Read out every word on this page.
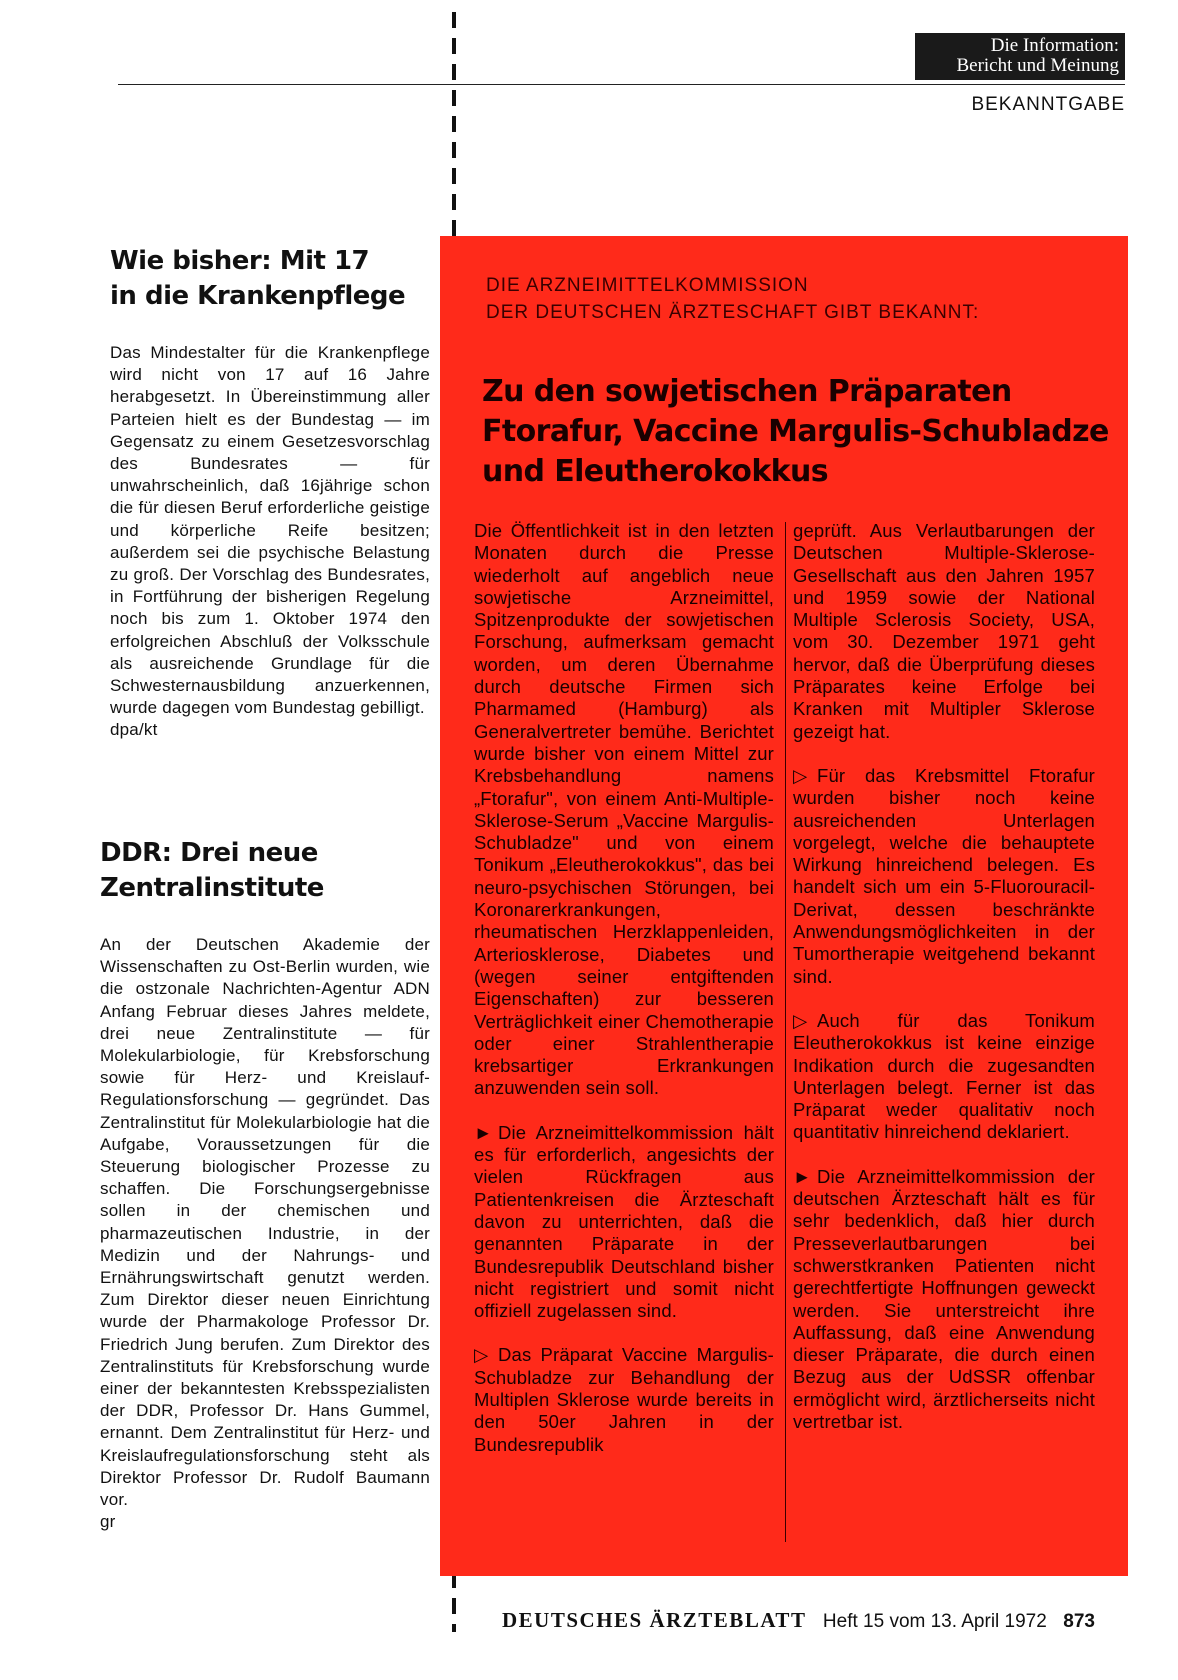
Die Information:
Bericht und Meinung
BEKANNTGABE
Wie bisher: Mit 17
in die Krankenpflege

Das Mindestalter für die Krankenpflege wird nicht von 17 auf 16 Jahre herabgesetzt. In Übereinstimmung aller Parteien hielt es der Bundestag — im Gegensatz zu einem Gesetzesvorschlag des Bundesrates — für unwahrscheinlich, daß 16jährige schon die für diesen Beruf erforderliche geistige und körperliche Reife besitzen; außerdem sei die psychische Belastung zu groß. Der Vorschlag des Bundesrates, in Fortführung der bisherigen Regelung noch bis zum 1. Oktober 1974 den erfolgreichen Abschluß der Volksschule als ausreichende Grundlage für die Schwesternausbildung anzuerkennen, wurde dagegen vom Bundestag gebilligt.

dpa/kt

DDR: Drei neue
Zentralinstitute

An der Deutschen Akademie der Wissenschaften zu Ost-Berlin wurden, wie die ostzonale Nachrichten-Agentur ADN Anfang Februar dieses Jahres meldete, drei neue Zentralinstitute — für Molekularbiologie, für Krebsforschung sowie für Herz- und Kreislauf-Regulationsforschung — gegründet. Das Zentralinstitut für Molekularbiologie hat die Aufgabe, Voraussetzungen für die Steuerung biologischer Prozesse zu schaffen. Die Forschungsergebnisse sollen in der chemischen und pharmazeutischen Industrie, in der Medizin und der Nahrungs- und Ernährungswirtschaft genutzt werden. Zum Direktor dieser neuen Einrichtung wurde der Pharmakologe Professor Dr. Friedrich Jung berufen. Zum Direktor des Zentralinstituts für Krebsforschung wurde einer der bekanntesten Krebsspezialisten der DDR, Professor Dr. Hans Gummel, ernannt. Dem Zentralinstitut für Herz- und Kreislaufregulationsforschung steht als Direktor Professor Dr. Rudolf Baumann vor.

gr

DIE ARZNEIMITTELKOMMISSION
DER DEUTSCHEN ÄRZTESCHAFT GIBT BEKANNT:
Zu den sowjetischen Präparaten
Ftorafur, Vaccine Margulis-Schubladze
und Eleutherokokkus

Die Öffentlichkeit ist in den letzten Monaten durch die Presse wiederholt auf angeblich neue sowjetische Arzneimittel, Spitzenprodukte der sowjetischen Forschung, aufmerksam gemacht worden, um deren Übernahme durch deutsche Firmen sich Pharmamed (Hamburg) als Generalvertreter bemühe. Berichtet wurde bisher von einem Mittel zur Krebsbehandlung namens „Ftorafur", von einem Anti-Multiple-Sklerose-Serum „Vaccine Margulis-Schubladze" und von einem Tonikum „Eleutherokokkus", das bei neuro-psychischen Störungen, bei Koronarerkrankungen, rheumatischen Herzklappenleiden, Arteriosklerose, Diabetes und (wegen seiner entgiftenden Eigenschaften) zur besseren Verträglichkeit einer Chemotherapie oder einer Strahlentherapie krebsartiger Erkrankungen anzuwenden sein soll.

► Die Arzneimittelkommission hält es für erforderlich, angesichts der vielen Rückfragen aus Patientenkreisen die Ärzteschaft davon zu unterrichten, daß die genannten Präparate in der Bundesrepublik Deutschland bisher nicht registriert und somit nicht offiziell zugelassen sind.

▷ Das Präparat Vaccine Margulis-Schubladze zur Behandlung der Multiplen Sklerose wurde bereits in den 50er Jahren in der Bundesrepublik

geprüft. Aus Verlautbarungen der Deutschen Multiple-Sklerose-Gesellschaft aus den Jahren 1957 und 1959 sowie der National Multiple Sclerosis Society, USA, vom 30. Dezember 1971 geht hervor, daß die Überprüfung dieses Präparates keine Erfolge bei Kranken mit Multipler Sklerose gezeigt hat.

▷ Für das Krebsmittel Ftorafur wurden bisher noch keine ausreichenden Unterlagen vorgelegt, welche die behauptete Wirkung hinreichend belegen. Es handelt sich um ein 5-Fluorouracil-Derivat, dessen beschränkte Anwendungsmöglichkeiten in der Tumortherapie weitgehend bekannt sind.

▷ Auch für das Tonikum Eleutherokokkus ist keine einzige Indikation durch die zugesandten Unterlagen belegt. Ferner ist das Präparat weder qualitativ noch quantitativ hinreichend deklariert.

► Die Arzneimittelkommission der deutschen Ärzteschaft hält es für sehr bedenklich, daß hier durch Presseverlautbarungen bei schwerstkranken Patienten nicht gerechtfertigte Hoffnungen geweckt werden. Sie unterstreicht ihre Auffassung, daß eine Anwendung dieser Präparate, die durch einen Bezug aus der UdSSR offenbar ermöglicht wird, ärztlicherseits nicht vertretbar ist.

DEUTSCHES ÄRZTEBLATT Heft 15 vom 13. April 1972 873
